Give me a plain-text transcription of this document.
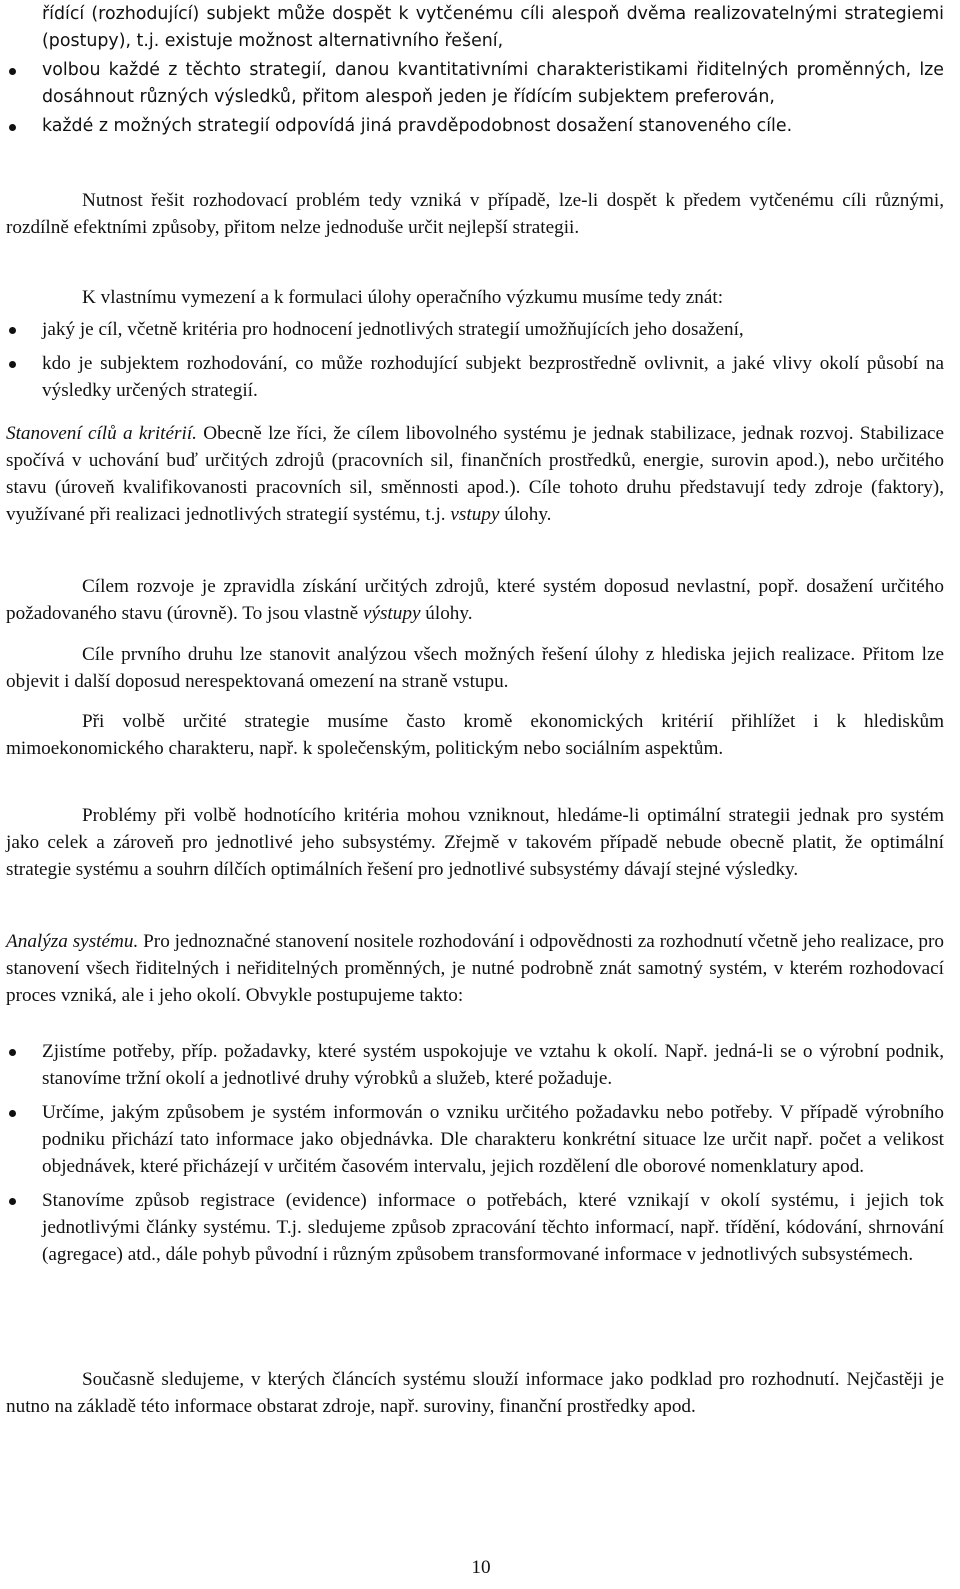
řídící (rozhodující) subjekt může dospět k vytčenému cíli alespoň dvěma realizovatelnými strategiemi (postupy), t.j. existuje možnost alternativního řešení,
volbou každé z těchto strategií, danou kvantitativními charakteristikami řiditelných proměnných, lze dosáhnout různých výsledků, přitom alespoň jeden je řídícím subjektem preferován,
každé z možných strategií odpovídá jiná pravděpodobnost dosažení stanoveného cíle.

Nutnost řešit rozhodovací problém tedy vzniká v případě, lze-li dospět k předem vytčenému cíli různými, rozdílně efektními způsoby, přitom nelze jednoduše určit nejlepší strategii.

K vlastnímu vymezení a k formulaci úlohy operačního výzkumu musíme tedy znát:

jaký je cíl, včetně kritéria pro hodnocení jednotlivých strategií umožňujících jeho dosažení,
kdo je subjektem rozhodování, co může rozhodující subjekt bezprostředně ovlivnit, a jaké vlivy okolí působí na výsledky určených strategií.

Stanovení cílů a kritérií. Obecně lze říci, že cílem libovolného systému je jednak stabilizace, jednak rozvoj. Stabilizace spočívá v uchování buď určitých zdrojů (pracovních sil, finančních prostředků, energie, surovin apod.), nebo určitého stavu (úroveň kvalifikovanosti pracovních sil, směnnosti apod.). Cíle tohoto druhu představují tedy zdroje (faktory), využívané při realizaci jednotlivých strategií systému, t.j. vstupy úlohy.

Cílem rozvoje je zpravidla získání určitých zdrojů, které systém doposud nevlastní, popř. dosažení určitého požadovaného stavu (úrovně). To jsou vlastně výstupy úlohy.

Cíle prvního druhu lze stanovit analýzou všech možných řešení úlohy z hlediska jejich realizace. Přitom lze objevit i další doposud nerespektovaná omezení na straně vstupu.

Při volbě určité strategie musíme často kromě ekonomických kritérií přihlížet i k hlediskům mimoekonomického charakteru, např. k společenským, politickým nebo sociálním aspektům.

Problémy při volbě hodnotícího kritéria mohou vzniknout, hledáme-li optimální strategii jednak pro systém jako celek a zároveň pro jednotlivé jeho subsystémy. Zřejmě v takovém případě nebude obecně platit, že optimální strategie systému a souhrn dílčích optimálních řešení pro jednotlivé subsystémy dávají stejné výsledky.

Analýza systému. Pro jednoznačné stanovení nositele rozhodování i odpovědnosti za rozhodnutí včetně jeho realizace, pro stanovení všech řiditelných i neřiditelných proměnných, je nutné podrobně znát samotný systém, v kterém rozhodovací proces vzniká, ale i jeho okolí. Obvykle postupujeme takto:

Zjistíme potřeby, příp. požadavky, které systém uspokojuje ve vztahu k okolí. Např. jedná-li se o výrobní podnik, stanovíme tržní okolí a jednotlivé druhy výrobků a služeb, které požaduje.
Určíme, jakým způsobem je systém informován o vzniku určitého požadavku nebo potřeby. V případě výrobního podniku přichází tato informace jako objednávka. Dle charakteru konkrétní situace lze určit např. počet a velikost objednávek, které přicházejí v určitém časovém intervalu, jejich rozdělení dle oborové nomenklatury apod.
Stanovíme způsob registrace (evidence) informace o potřebách, které vznikají v okolí systému, i jejich tok jednotlivými články systému. T.j. sledujeme způsob zpracování těchto informací, např. třídění, kódování, shrnování (agregace) atd., dále pohyb původní i různým způsobem transformované informace v jednotlivých subsystémech.

Současně sledujeme, v kterých článcích systému slouží informace jako podklad pro rozhodnutí. Nejčastěji je nutno na základě této informace obstarat zdroje, např. suroviny, finanční prostředky apod.

10
